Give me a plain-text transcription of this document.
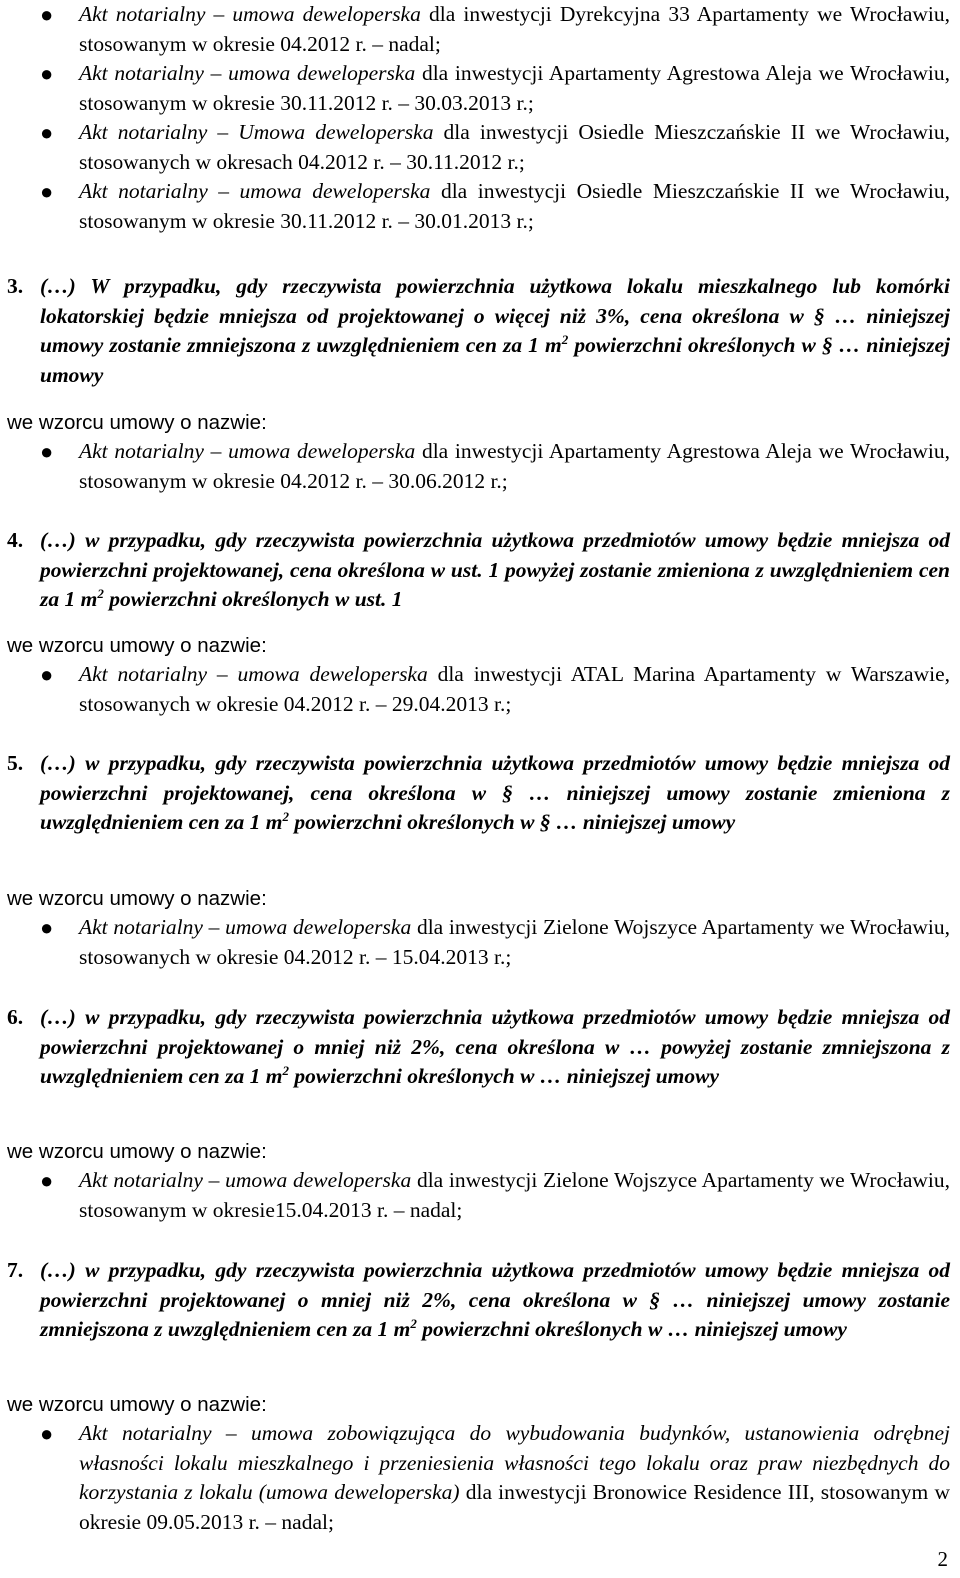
● Akt notarialny – umowa deweloperska dla inwestycji Dyrekcyjna 33 Apartamenty we Wrocławiu, stosowanym w okresie 04.2012 r. – nadal;
● Akt notarialny – umowa deweloperska dla inwestycji Apartamenty Agrestowa Aleja we Wrocławiu, stosowanym w okresie 30.11.2012 r. – 30.03.2013 r.;
● Akt notarialny – Umowa deweloperska dla inwestycji Osiedle Mieszczańskie II we Wrocławiu, stosowanych w okresach 04.2012 r. – 30.11.2012 r.;
● Akt notarialny – umowa deweloperska dla inwestycji Osiedle Mieszczańskie II we Wrocławiu, stosowanym w okresie 30.11.2012 r. – 30.01.2013 r.;

3. (…) W przypadku, gdy rzeczywista powierzchnia użytkowa lokalu mieszkalnego lub komórki lokatorskiej będzie mniejsza od projektowanej o więcej niż 3%, cena określona w § … niniejszej umowy zostanie zmniejszona z uwzględnieniem cen za 1 $m^2$ powierzchni określonych w § … niniejszej umowy

we wzorcu umowy o nazwie:
● Akt notarialny – umowa deweloperska dla inwestycji Apartamenty Agrestowa Aleja we Wrocławiu, stosowanym w okresie 04.2012 r. – 30.06.2012 r.;

4. (…) w przypadku, gdy rzeczywista powierzchnia użytkowa przedmiotów umowy będzie mniejsza od powierzchni projektowanej, cena określona w ust. 1 powyżej zostanie zmieniona z uwzględnieniem cen za 1 $m^2$ powierzchni określonych w ust. 1

we wzorcu umowy o nazwie:
● Akt notarialny – umowa deweloperska dla inwestycji ATAL Marina Apartamenty w Warszawie, stosowanych w okresie 04.2012 r. – 29.04.2013 r.;

5. (…) w przypadku, gdy rzeczywista powierzchnia użytkowa przedmiotów umowy będzie mniejsza od powierzchni projektowanej, cena określona w § … niniejszej umowy zostanie zmieniona z uwzględnieniem cen za 1 $m^2$ powierzchni określonych w § … niniejszej umowy

we wzorcu umowy o nazwie:
● Akt notarialny – umowa deweloperska dla inwestycji Zielone Wojszyce Apartamenty we Wrocławiu, stosowanych w okresie 04.2012 r. – 15.04.2013 r.;

6. (…) w przypadku, gdy rzeczywista powierzchnia użytkowa przedmiotów umowy będzie mniejsza od powierzchni projektowanej o mniej niż 2%, cena określona w … powyżej zostanie zmniejszona z uwzględnieniem cen za 1 $m^2$ powierzchni określonych w … niniejszej umowy

we wzorcu umowy o nazwie:
● Akt notarialny – umowa deweloperska dla inwestycji Zielone Wojszyce Apartamenty we Wrocławiu, stosowanym w okresie15.04.2013 r. – nadal;

7. (…) w przypadku, gdy rzeczywista powierzchnia użytkowa przedmiotów umowy będzie mniejsza od powierzchni projektowanej o mniej niż 2%, cena określona w § … niniejszej umowy zostanie zmniejszona z uwzględnieniem cen za 1 $m^2$ powierzchni określonych w … niniejszej umowy

we wzorcu umowy o nazwie:
● Akt notarialny – umowa zobowiązująca do wybudowania budynków, ustanowienia odrębnej własności lokalu mieszkalnego i przeniesienia własności tego lokalu oraz praw niezbędnych do korzystania z lokalu (umowa deweloperska) dla inwestycji Bronowice Residence III, stosowanym w okresie 09.05.2013 r. – nadal;
2
